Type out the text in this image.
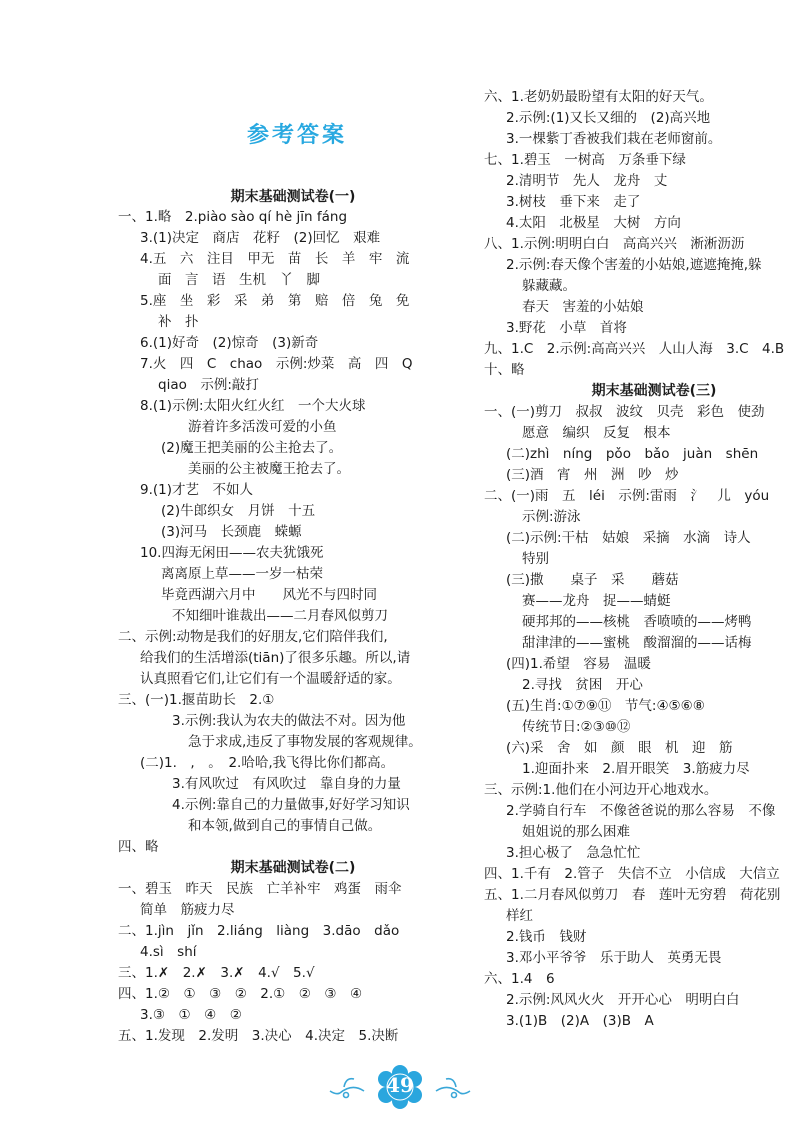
参考答案
期末基础测试卷(一)
一、1.略　2.piào sào qí hè jīn fáng
3.(1)决定　商店　花籽　(2)回忆　艰难
4.五　六　注目　甲无　苗　长　羊　牢　流
面　言　语　生机　丫　脚
5.座　坐　彩　采　弟　第　赔　倍　兔　免
补　扑
6.(1)好奇　(2)惊奇　(3)新奇
7.火　四　C　chao　示例:炒菜　高　四　Q
qiao　示例:敲打
8.(1)示例:太阳火红火红　一个大火球
游着许多活泼可爱的小鱼
(2)魔王把美丽的公主抢去了。
美丽的公主被魔王抢去了。
9.(1)才艺　不如人
(2)牛郎织女　月饼　十五
(3)河马　长颈鹿　蝾螈
10.四海无闲田——农夫犹饿死
离离原上草——一岁一枯荣
毕竟西湖六月中　　风光不与四时同
不知细叶谁裁出——二月春风似剪刀
二、示例:动物是我们的好朋友,它们陪伴我们,
给我们的生活增添(tiān)了很多乐趣。所以,请
认真照看它们,让它们有一个温暖舒适的家。
三、(一)1.揠苗助长　2.①
3.示例:我认为农夫的做法不对。因为他
急于求成,违反了事物发展的客观规律。
(二)1.　,　。　2.哈哈,我飞得比你们都高。
3.有风吹过　有风吹过　靠自身的力量
4.示例:靠自己的力量做事,好好学习知识
和本领,做到自己的事情自己做。
四、略
期末基础测试卷(二)
一、碧玉　昨天　民族　亡羊补牢　鸡蛋　雨伞
简单　筋疲力尽
二、1.jìn　jǐn　2.liáng　liàng　3.dāo　dǎo
4.sì　shí
三、1.✗　2.✗　3.✗　4.√　5.√
四、1.②　①　③　②　2.①　②　③　④
3.③　①　④　②
五、1.发现　2.发明　3.决心　4.决定　5.决断
六、1.老奶奶最盼望有太阳的好天气。
2.示例:(1)又长又细的　(2)高兴地
3.一棵紫丁香被我们栽在老师窗前。
七、1.碧玉　一树高　万条垂下绿
2.清明节　先人　龙舟　丈
3.树枝　垂下来　走了
4.太阳　北极星　大树　方向
八、1.示例:明明白白　高高兴兴　淅淅沥沥
2.示例:春天像个害羞的小姑娘,遮遮掩掩,躲
躲藏藏。
春天　害羞的小姑娘
3.野花　小草　首将
九、1.C　2.示例:高高兴兴　人山人海　3.C　4.B
十、略
期末基础测试卷(三)
一、(一)剪刀　叔叔　波纹　贝壳　彩色　使劲
愿意　编织　反复　根本
(二)zhì　níng　pǒo　bǎo　juàn　shēn
(三)酒　宵　州　洲　吵　炒
二、(一)雨　五　léi　示例:雷雨　氵　儿　yóu
示例:游泳
(二)示例:干枯　姑娘　采摘　水滴　诗人
特别
(三)撒　　桌子　采　　蘑菇
赛——龙舟　捉——蜻蜓
硬邦邦的——核桃　香喷喷的——烤鸭
甜津津的——蜜桃　酸溜溜的——话梅
(四)1.希望　容易　温暖
2.寻找　贫困　开心
(五)生肖:①⑦⑨⑪　节气:④⑤⑥⑧
传统节日:②③⑩⑫
(六)采　舍　如　颜　眼　机　迎　筋
1.迎面扑来　2.眉开眼笑　3.筋疲力尽
三、示例:1.他们在小河边开心地戏水。
2.学骑自行车　不像爸爸说的那么容易　不像
姐姐说的那么困难
3.担心极了　急急忙忙
四、1.千有　2.管子　失信不立　小信成　大信立
五、1.二月春风似剪刀　春　莲叶无穷碧　荷花别
样红
2.钱币　钱财
3.邓小平爷爷　乐于助人　英勇无畏
六、1.4　6
2.示例:风风火火　开开心心　明明白白
3.(1)B　(2)A　(3)B　A
49
